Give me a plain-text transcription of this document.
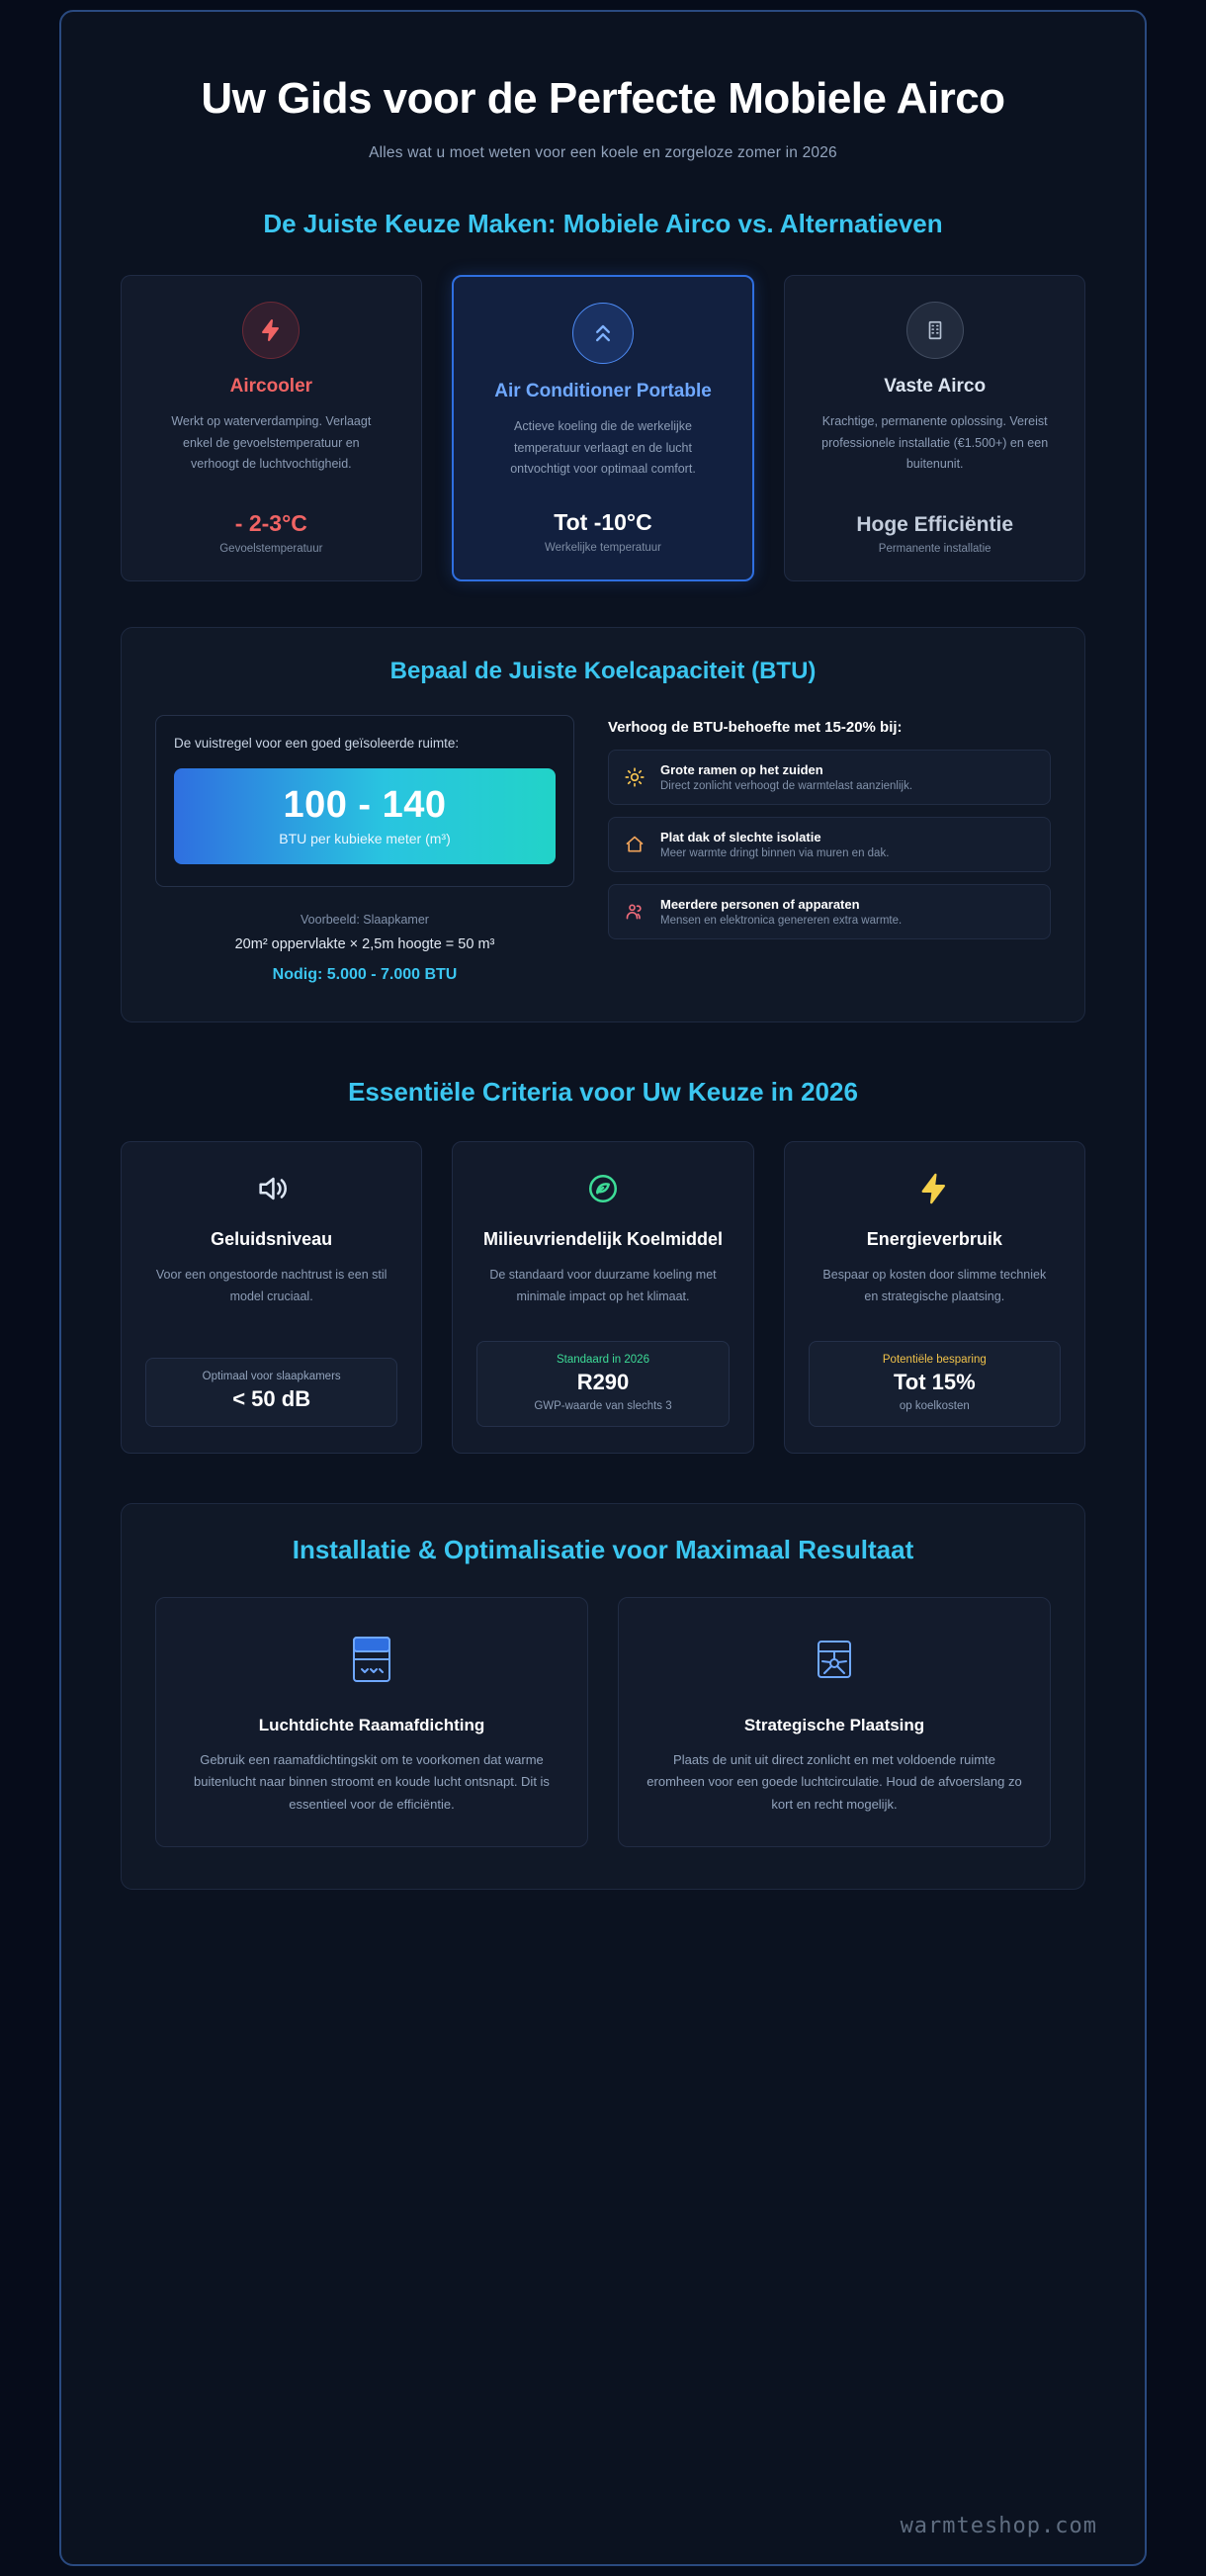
Uw Gids voor de Perfecte Mobiele Airco
Alles wat u moet weten voor een koele en zorgeloze zomer in 2026
De Juiste Keuze Maken: Mobiele Airco vs. Alternatieven
Aircooler
Werkt op waterverdamping. Verlaagt enkel de gevoelstemperatuur en verhoogt de luchtvochtigheid.
- 2-3°C
Gevoelstemperatuur
Air Conditioner Portable
Actieve koeling die de werkelijke temperatuur verlaagt en de lucht ontvochtigt voor optimaal comfort.
Tot -10°C
Werkelijke temperatuur
Vaste Airco
Krachtige, permanente oplossing. Vereist professionele installatie (€1.500+) en een buitenunit.
Hoge Efficiëntie
Permanente installatie
Bepaal de Juiste Koelcapaciteit (BTU)
De vuistregel voor een goed geïsoleerde ruimte:
100 - 140
BTU per kubieke meter (m³)
Voorbeeld: Slaapkamer
20m² oppervlakte × 2,5m hoogte = 50 m³
Nodig: 5.000 - 7.000 BTU
Verhoog de BTU-behoefte met 15-20% bij:
Grote ramen op het zuiden
Direct zonlicht verhoogt de warmtelast aanzienlijk.
Plat dak of slechte isolatie
Meer warmte dringt binnen via muren en dak.
Meerdere personen of apparaten
Mensen en elektronica genereren extra warmte.
Essentiële Criteria voor Uw Keuze in 2026
Geluidsniveau
Voor een ongestoorde nachtrust is een stil model cruciaal.
Optimaal voor slaapkamers
< 50 dB
Milieuvriendelijk Koelmiddel
De standaard voor duurzame koeling met minimale impact op het klimaat.
Standaard in 2026
R290
GWP-waarde van slechts 3
Energieverbruik
Bespaar op kosten door slimme techniek en strategische plaatsing.
Potentiële besparing
Tot 15%
op koelkosten
Installatie & Optimalisatie voor Maximaal Resultaat
Luchtdichte Raamafdichting
Gebruik een raamafdichtingskit om te voorkomen dat warme buitenlucht naar binnen stroomt en koude lucht ontsnapt. Dit is essentieel voor de efficiëntie.
Strategische Plaatsing
Plaats de unit uit direct zonlicht en met voldoende ruimte eromheen voor een goede luchtcirculatie. Houd de afvoerslang zo kort en recht mogelijk.
warmteshop.com
